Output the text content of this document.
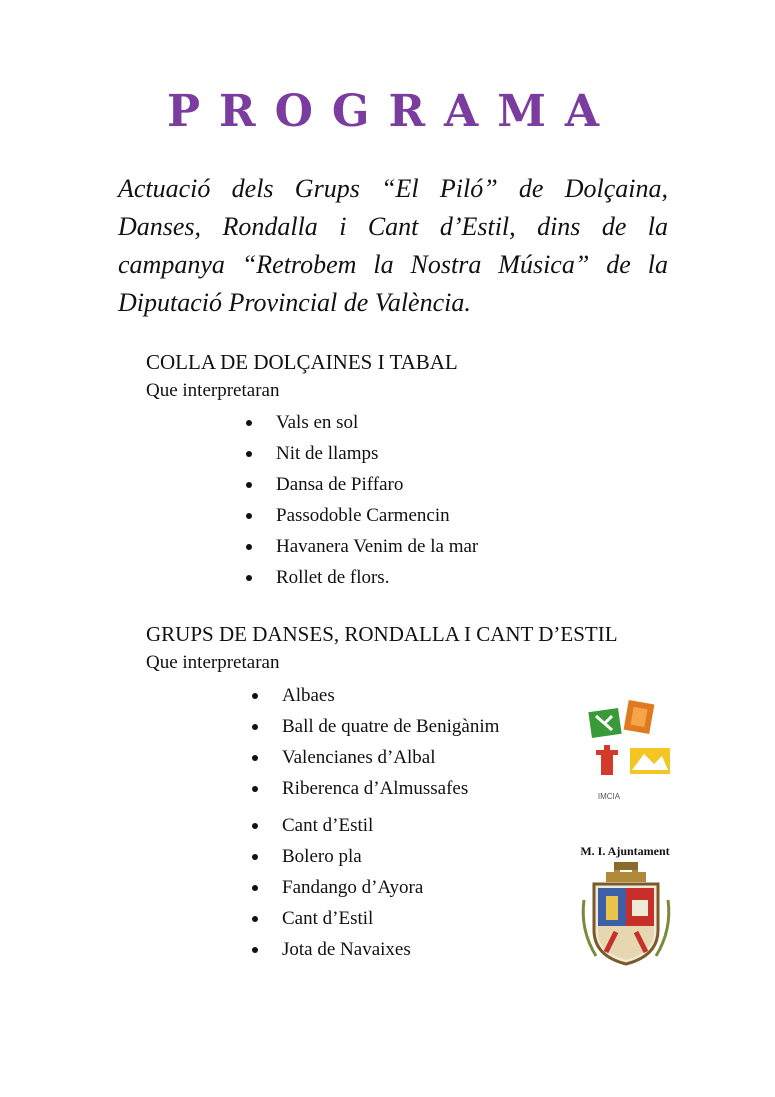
PROGRAMA
Actuació dels Grups “El Piló” de Dolçaina, Danses, Rondalla i Cant d’Estil, dins de la campanya “Retrobem la Nostra Música” de la Diputació Provincial de València.
COLLA DE DOLÇAINES I TABAL
Que interpretaran
Vals en sol
Nit de llamps
Dansa de Piffaro
Passodoble Carmencin
Havanera Venim de la mar
Rollet de flors.
GRUPS DE DANSES, RONDALLA I CANT D’ESTIL
Que interpretaran
Albaes
Ball de quatre de Benigànim
Valencianes d’Albal
Riberenca d’Almussafes
Cant d’Estil
Bolero pla
Fandango d’Ayora
Cant d’Estil
Jota de Navaixes
IMCIA
M. I. Ajuntament
